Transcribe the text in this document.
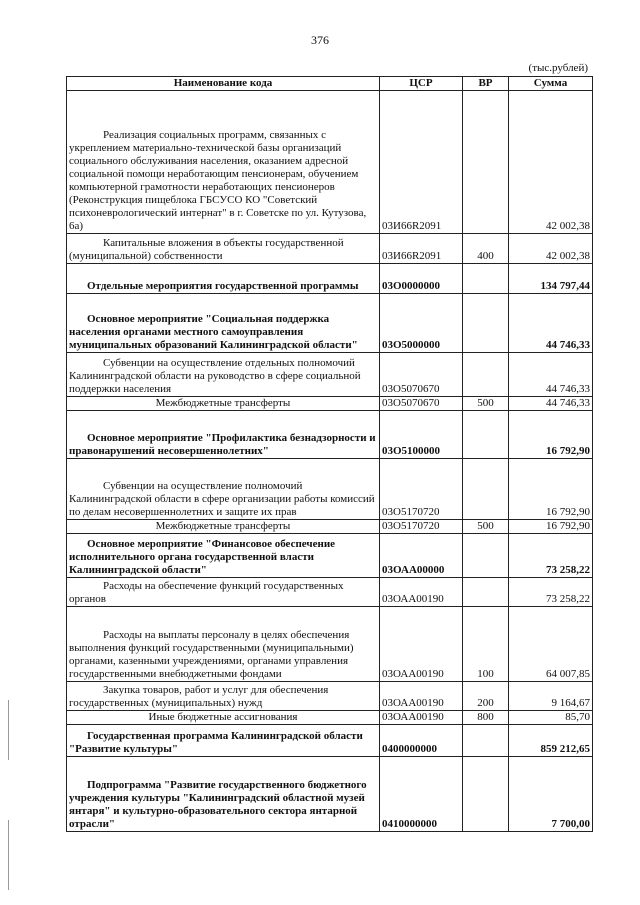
376
(тыс.рублей)
Наименование кода	ЦСР	ВР	Сумма
Реализация социальных программ, связанных с укреплением материально-технической базы организаций социального обслуживания населения, оказанием адресной социальной помощи неработающим пенсионерам, обучением компьютерной грамотности неработающих пенсионеров (Реконструкция пищеблока ГБСУСО КО "Советский психоневрологический интернат" в г. Советске по ул. Кутузова, 6а)	03И66R2091		42 002,38
Капитальные вложения в объекты государственной (муниципальной) собственности	03И66R2091	400	42 002,38
Отдельные мероприятия государственной программы	03О0000000		134 797,44
Основное мероприятие "Социальная поддержка населения органами местного самоуправления муниципальных образований Калининградской области"	03О5000000		44 746,33
Субвенции на осуществление отдельных полномочий Калининградской области на руководство в сфере социальной поддержки населения	03О5070670		44 746,33
Межбюджетные трансферты	03О5070670	500	44 746,33
Основное мероприятие "Профилактика безнадзорности и правонарушений несовершеннолетних"	03О5100000		16 792,90
Субвенции на осуществление полномочий Калининградской области в сфере организации работы комиссий по делам несовершеннолетних и защите их прав	03О5170720		16 792,90
Межбюджетные трансферты	03О5170720	500	16 792,90
Основное мероприятие "Финансовое обеспечение исполнительного органа государственной власти Калининградской области"	03ОАА00000		73 258,22
Расходы на обеспечение функций государственных органов	03ОАА00190		73 258,22
Расходы на выплаты персоналу в целях обеспечения выполнения функций государственными (муниципальными) органами, казенными учреждениями, органами управления государственными внебюджетными фондами	03ОАА00190	100	64 007,85
Закупка товаров, работ и услуг для обеспечения государственных (муниципальных) нужд	03ОАА00190	200	9 164,67
Иные бюджетные ассигнования	03ОАА00190	800	85,70
Государственная программа Калининградской области "Развитие культуры"	0400000000		859 212,65
Подпрограмма "Развитие государственного бюджетного учреждения культуры "Калининградский областной музей янтаря" и культурно-образовательного сектора янтарной отрасли"	0410000000		7 700,00
